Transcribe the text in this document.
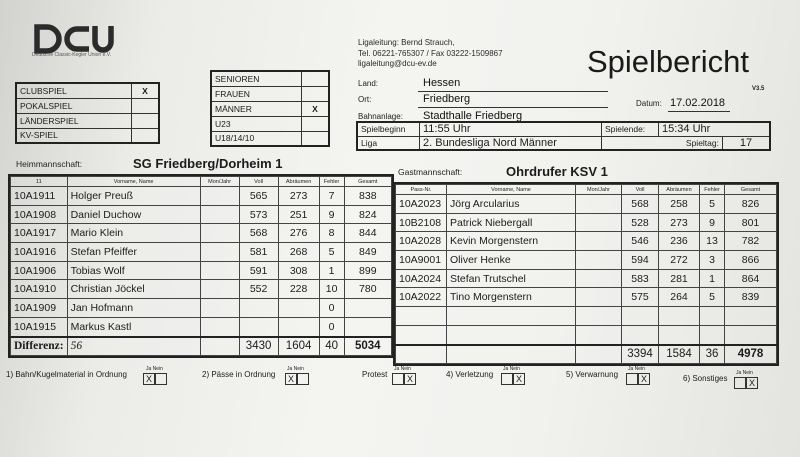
Deutsche Classic-Kegler Union e.V.
Ligaleitung: Bernd Strauch,
Tel. 06221-765307 / Fax 03222-1509867
ligaleitung@dcu-ev.de	Spielbericht
V3.5
CLUBSPIEL	X
POKALSPIEL	
LÄNDERSPIEL	
KV-SPIEL	
SENIOREN	
FRAUEN	
MÄNNER	X
U23	
U18/14/10	
Land:	Hessen
Ort:	Friedberg	Datum: 17.02.2018
Bahnanlage: Stadthalle Friedberg
Spielbeginn	11:55 Uhr	Spielende:	15:34 Uhr	
Liga	2. Bundesliga Nord Männer	Spieltag:		17
Heimmannschaft:	SG Friedberg/Dorheim 1
Gastmannschaft:	Ohrdrufer KSV 1
11	Vorname, Name	Mon/Jahr	Voll	Abräumen	Fehler	Gesamt
10A1911	Holger Preuß		565	273	7	838
10A1908	Daniel Duchow		573	251	9	824
10A1917	Mario Klein		568	276	8	844
10A1916	Stefan Pfeiffer		581	268	5	849
10A1906	Tobias Wolf		591	308	1	899
10A1910	Christian Jöckel		552	228	10	780
10A1909	Jan Hofmann				0	
10A1915	Markus Kastl				0	
Differenz:	56		3430	1604	40	5034
Pass-Nr.	Vorname, Name	Mon/Jahr	Voll	Abräumen	Fehler	Gesamt
10A2023	Jörg Arcularius		568	258	5	826
10B2108	Patrick Niebergall		528	273	9	801
10A2028	Kevin Morgenstern		546	236	13	782
10A9001	Oliver Henke		594	272	3	866
10A2024	Stefan Trutschel		583	281	1	864
10A2022	Tino Morgenstern		575	264	5	839

			3394	1584	36	4978
1) Bahn/Kugelmaterial in Ordnung
Ja Nein
X	2) Pässe in Ordnung
Ja Nein
X	Protest
Ja Nein
X	4) Verletzung
Ja Nein
X	5) Verwarnung
Ja Nein
X	6) Sonstiges
Ja Nein
X
